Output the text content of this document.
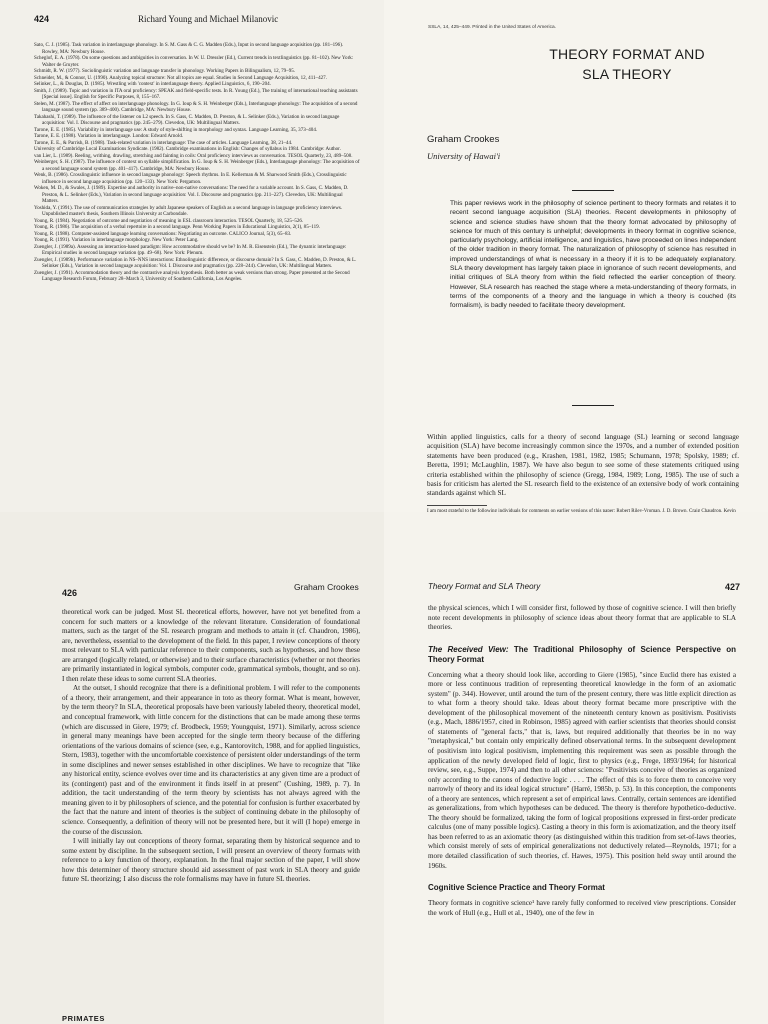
424	Richard Young and Michael Milanovic

Sato, C. J. (1985). Task variation in interlanguage phonology. In S. M. Gass & C. G. Madden (Eds.), Input in second language acquisition (pp. 181–196). Rowley, MA: Newbury House.

Scheglof, E. A. (1978). On some questions and ambiguities in conversation. In W. U. Dressler (Ed.), Current trends in textlinguistics (pp. 81–102). New York: Walter de Gruyter.

Schmidt, R. W. (1977). Sociolinguistic variation and language transfer in phonology. Working Papers in Bilingualism, 12, 79–95.

Schneider, M., & Connor, U. (1990). Analyzing topical structure: Not all topics are equal. Studies in Second Language Acquisition, 12, 411–427.

Selinker, L., & Douglas, D. (1985). Wrestling with 'context' in interlanguage theory. Applied Linguistics, 6, 190–204.

Smith, J. (1989). Topic and variation in ITA oral proficiency: SPEAK and field-specific tests. In R. Young (Ed.), The training of international teaching assistants [Special issue]. English for Specific Purposes, 8, 155–167.

Stelen, M. (1987). The effect of affect on interlanguage phonology. In G. Ioup & S. H. Weinberger (Eds.), Interlanguage phonology: The acquisition of a second language sound system (pp. 389–400). Cambridge, MA: Newbury House.

Takahashi, T. (1989). The influence of the listener on L2 speech. In S. Gass, C. Madden, D. Preston, & L. Selinker (Eds.), Variation in second language acquisition: Vol. I. Discourse and pragmatics (pp. 245–279). Clevedon, UK: Multilingual Matters.

Tarone, E. E. (1985). Variability in interlanguage use: A study of style-shifting in morphology and syntax. Language Learning, 35, 373–404.

Tarone, E. E. (1988). Variation in interlanguage. London: Edward Arnold.

Tarone, E. E., & Parrish, B. (1988). Task-related variation in interlanguage: The case of articles. Language Learning, 38, 21–44.

University of Cambridge Local Examinations Syndicate. (1982). Cambridge examinations in English: Changes of syllabus in 1984. Cambridge: Author.

van Lier, L. (1989). Reeling, writhing, drawling, stretching and fainting in coils: Oral proficiency interviews as conversation. TESOL Quarterly, 23, 489–508.

Weinberger, S. H. (1987). The influence of context on syllable simplification. In G. Ioup & S. H. Weinberger (Eds.), Interlanguage phonology: The acquisition of a second language sound system (pp. 401–417). Cambridge, MA: Newbury House.

Wenk, B. (1986). Crosslinguistic influence in second language phonology: Speech rhythms. In E. Kellerman & M. Sharwood Smith (Eds.), Crosslinguistic influence in second language acquisition (pp. 120–133). New York: Pergamon.

Woken, M. D., & Swales, J. (1989). Expertise and authority in native–non-native conversations: The need for a variable account. In S. Gass, C. Madden, D. Preston, & L. Selinker (Eds.), Variation in second language acquisition: Vol. I. Discourse and pragmatics (pp. 211–227). Clevedon, UK: Multilingual Matters.

Yoshida, Y. (1991). The use of communication strategies by adult Japanese speakers of English as a second language in language proficiency interviews. Unpublished master's thesis, Southern Illinois University at Carbondale.

Young, R. (1984). Negotiation of outcome and negotiation of meaning in ESL classroom interaction. TESOL Quarterly, 18, 525–526.

Young, R. (1986). The acquisition of a verbal repertoire in a second language. Penn Working Papers in Educational Linguistics, 2(1), 85–119.

Young, R. (1988). Computer-assisted language learning conversations: Negotiating an outcome. CALICO Journal, 5(3), 65–83.

Young, R. (1991). Variation in interlanguage morphology. New York: Peter Lang.

Zuengler, J. (1989a). Assessing an interaction-based paradigm: How accommodative should we be? In M. R. Eisenstein (Ed.), The dynamic interlanguage: Empirical studies in second language variation (pp. 49–68). New York: Plenum.

Zuengler, J. (1989b). Performance variation in NS–NNS interactions: Ethnolinguistic difference, or discourse domain? In S. Gass, C. Madden, D. Preston, & L. Selinker (Eds.), Variation in second language acquisition: Vol. I. Discourse and pragmatics (pp. 228–244). Clevedon, UK: Multilingual Matters.

Zuengler, J. (1991). Accommodation theory and the contrastive analysis hypothesis. Both better as weak versions than strong. Paper presented at the Second Language Research Forum, February 28–March 3, University of Southern California, Los Angeles.

SSLA, 14, 425–449. Printed in the United States of America.
THEORY FORMAT AND
SLA THEORY
Graham Crookes
University of Hawai'i
This paper reviews work in the philosophy of science pertinent to theory formats and relates it to recent second language acquisition (SLA) theories. Recent developments in philosophy of science and science studies have shown that the theory format advocated by philosophy of science for much of this century is unhelpful; developments in theory format in cognitive science, particularly psychology, artificial intelligence, and linguistics, have proceeded on lines independent of the older tradition in theory format. The naturalization of philosophy of science has resulted in improved understandings of what is necessary in a theory if it is to be adequately explanatory. SLA theory development has largely taken place in ignorance of such recent developments, and initial critiques of SLA theory from within the field reflected the earlier conception of theory. However, SLA research has reached the stage where a meta-understanding of theory formats, in terms of the components of a theory and the language in which a theory is couched (its formalism), is badly needed to facilitate theory development.
Within applied linguistics, calls for a theory of second language (SL) learning or second language acquisition (SLA) have become increasingly common since the 1970s, and a number of extended position statements have been produced (e.g., Krashen, 1981, 1982, 1985; Schumann, 1978; Spolsky, 1989; cf. Beretta, 1991; McLaughlin, 1987). We have also begun to see some of these statements critiqued using criteria established within the philosophy of science (Gregg, 1984, 1989; Long, 1985). The use of such a basis for criticism has alerted the SL research field to the existence of an extensive body of work containing standards against which SL
426
Graham Crookes

theoretical work can be judged. Most SL theoretical efforts, however, have not yet benefited from a concern for such matters or a knowledge of the relevant literature. Consideration of foundational matters, such as the target of the SL research program and methods to attain it (cf. Chaudron, 1986), are, nevertheless, essential to the development of the field. In this paper, I review conceptions of theory most relevant to SLA with particular reference to their components, such as hypotheses, and how these are arranged (logically related, or otherwise) and to their surface characteristics (whether or not theories are primarily instantiated in logical symbols, computer code, grammatical symbols, thought, and so on). I then relate these ideas to some current SLA theories.

At the outset, I should recognize that there is a definitional problem. I will refer to the components of a theory, their arrangement, and their appearance in toto as theory format. What is meant, however, by the term theory? In SLA, theoretical proposals have been variously labeled theory, theoretical model, and conceptual framework, with little concern for the distinctions that can be made among these terms (which are discussed in Giere, 1979; cf. Brodbeck, 1959; Youngquist, 1971). Similarly, across science in general many meanings have been accepted for the single term theory because of the differing orientations of the various domains of science (see, e.g., Kantorovitch, 1988, and for applied linguistics, Stern, 1983), together with the uncomfortable coexistence of persistent older understandings of the term in some disciplines and newer senses established in other disciplines. We have to recognize that "like any historical entity, science evolves over time and its characteristics at any given time are a product of its (contingent) past and of the environment it finds itself in at present" (Cushing, 1989, p. 7). In addition, the tacit understanding of the term theory by scientists has not always agreed with the meaning given to it by philosophers of science, and the potential for confusion is further exacerbated by the fact that the nature and intent of theories is the subject of continuing debate in the philosophy of science. Consequently, a definition of theory will not be presented here, but it will (I hope) emerge in the course of the discussion.

I will initially lay out conceptions of theory format, separating them by historical sequence and to some extent by discipline. In the subsequent section, I will present an overview of theory formats with reference to a key function of theory, explanation. In the final major section of the paper, I will show how this determiner of theory structure should aid assessment of past work in SLA theory and guide future SL theorizing; I also discuss the role formalisms may have in future SL theories.

PRIMATES
Theory Format and SLA Theory	427

the physical sciences, which I will consider first, followed by those of cognitive science. I will then briefly note recent developments in philosophy of science ideas about theory format that are applicable to SLA theories.

The Received View: The Traditional Philosophy of Science Perspective on Theory Format

Concerning what a theory should look like, according to Giere (1985), "since Euclid there has existed a more or less continuous tradition of representing theoretical knowledge in the form of an axiomatic system" (p. 344). However, until around the turn of the present century, there was little explicit direction as to what form a theory should take. Ideas about theory format became more prescriptive with the development of the philosophical movement of the nineteenth century known as positivism. Positivists (e.g., Mach, 1886/1957, cited in Robinson, 1985) agreed with earlier scientists that theories should consist of statements of "general facts," that is, laws, but required additionally that theories be in no way "metaphysical," but contain only empirically defined observational terms. In the subsequent development of positivism into logical positivism, implementing this requirement was seen as possible through the application of the newly developed field of logic, first to physics (e.g., Frege, 1893/1964; for historical review, see, e.g., Suppe, 1974) and then to all other sciences: "Positivists conceive of theories as organized only according to the canons of deductive logic . . . . The effect of this is to force them to conceive very narrowly of theory and its ideal logical structure" (Harré, 1985b, p. 53). In this conception, the components of a theory are sentences, which represent a set of empirical laws. Centrally, certain sentences are identified as generalizations, from which hypotheses can be deduced. The theory is therefore hypothetico-deductive. The theory should be formalized, taking the form of logical propositions expressed in first-order predicate calculus (one of many possible logics). Casting a theory in this form is axiomatization, and the theory itself has been referred to as an axiomatic theory (as distinguished within this tradition from set-of-laws theories, which consist merely of sets of empirical generalizations not deductively related—Reynolds, 1971; for a more detailed classification of such theories, cf. Hawes, 1975). This position held sway until around the 1960s.

Cognitive Science Practice and Theory Format

Theory formats in cognitive science¹ have rarely fully conformed to received view prescriptions. Consider the work of Hull (e.g., Hull et al., 1940), one of the few in
